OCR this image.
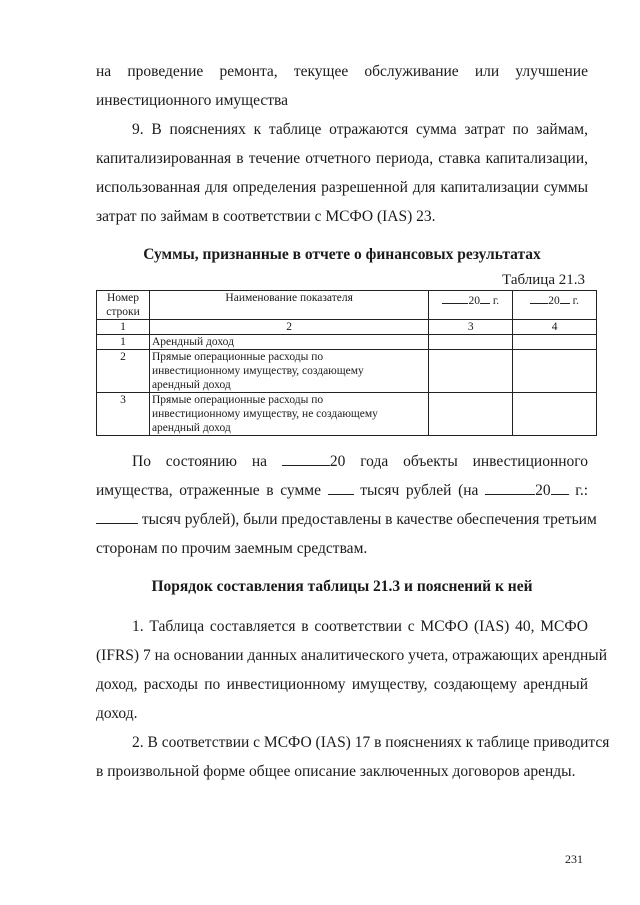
на проведение ремонта, текущее обслуживание или улучшение
инвестиционного имущества
9. В пояснениях к таблице отражаются сумма затрат по займам,
капитализированная в течение отчетного периода, ставка капитализации,
использованная для определения разрешенной для капитализации суммы
затрат по займам в соответствии с МСФО (IAS) 23.
Суммы, признанные в отчете о финансовых результатах
Таблица 21.3
Номер строки	Наименование показателя	20 г.	20 г.
1	2	3	4
1	Арендный доход		
2	Прямые операционные расходы по
инвестиционному имуществу, создающему
арендный доход		

3	Прямые операционные расходы по
инвестиционному имуществу, не создающему
арендный доход		

По состоянию на	20 года объекты инвестиционного
имущества, отраженные в сумме	тысяч рублей (на	20 г.:
тысяч рублей), были предоставлены в качестве обеспечения третьим
сторонам по прочим заемным средствам.
Порядок составления таблицы 21.3 и пояснений к ней
1. Таблица составляется в соответствии с МСФО (IAS) 40, МСФО
(IFRS) 7 на основании данных аналитического учета, отражающих арендный
доход, расходы по инвестиционному имуществу, создающему арендный
доход.
2. В соответствии с МСФО (IAS) 17 в пояснениях к таблице приводится
в произвольной форме общее описание заключенных договоров аренды.
231
